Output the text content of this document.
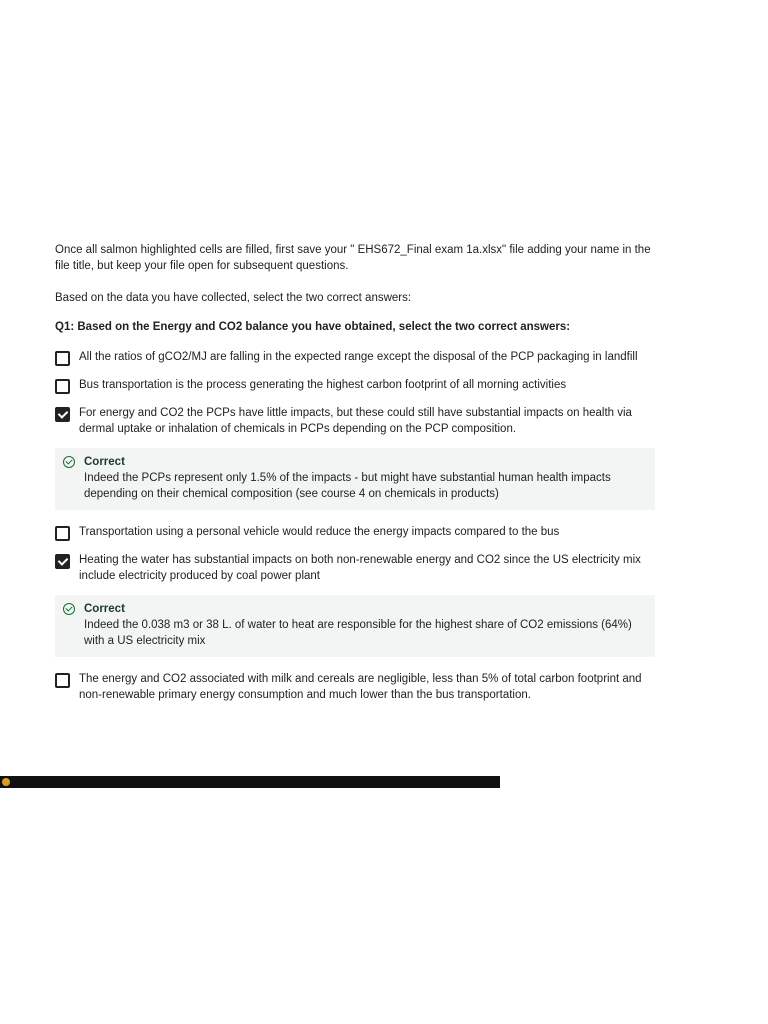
Once all salmon highlighted cells are filled, first save your " EHS672_Final exam 1a.xlsx" file adding your name in the file title, but keep your file open for subsequent questions.

Based on the data you have collected, select the two correct answers:

Q1: Based on the Energy and CO2 balance you have obtained, select the two correct answers:

All the ratios of gCO2/MJ are falling in the expected range except the disposal of the PCP packaging in landfill
Bus transportation is the process generating the highest carbon footprint of all morning activities
For energy and CO2 the PCPs have little impacts, but these could still have substantial impacts on health via dermal uptake or inhalation of chemicals in PCPs depending on the PCP composition.
Correct
Indeed the PCPs represent only 1.5% of the impacts - but might have substantial human health impacts depending on their chemical composition (see course 4 on chemicals in products)
Transportation using a personal vehicle would reduce the energy impacts compared to the bus
Heating the water has substantial impacts on both non-renewable energy and CO2 since the US electricity mix include electricity produced by coal power plant
Correct
Indeed the 0.038 m3 or 38 L. of water to heat are responsible for the highest share of CO2 emissions (64%) with a US electricity mix
The energy and CO2 associated with milk and cereals are negligible, less than 5% of total carbon footprint and non-renewable primary energy consumption and much lower than the bus transportation.
